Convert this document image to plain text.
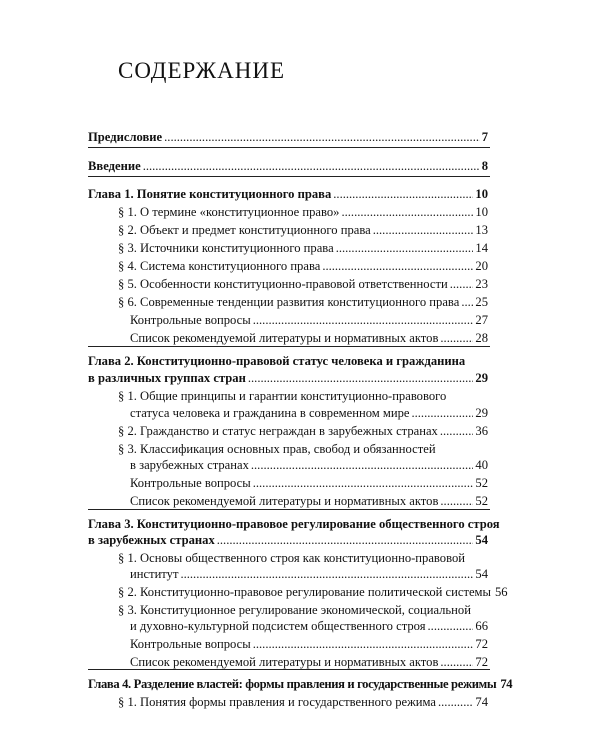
СОДЕРЖАНИЕ
Предисловие .....	7
Введение .....	8
Глава 1. Понятие конституционного права .....	10
§ 1. О термине «конституционное право» .....	10
§ 2. Объект и предмет конституционного права .....	13
§ 3. Источники конституционного права .....	14
§ 4. Система конституционного права .....	20
§ 5. Особенности конституционно-правовой ответственности ..... 23
§ 6. Современные тенденции развития конституционного права ..... 25
Контрольные вопросы .....	27
Список рекомендуемой литературы и нормативных актов .....	28
Глава 2. Конституционно-правовой статус человека и гражданина
в различных группах стран .....	29
§ 1. Общие принципы и гарантии конституционно-правового
статуса человека и гражданина в современном мире .....	29
§ 2. Гражданство и статус неграждан в зарубежных странах .....	36
§ 3. Классификация основных прав, свобод и обязанностей
в зарубежных странах .....	40
Контрольные вопросы .....	52
Список рекомендуемой литературы и нормативных актов .....	52
Глава 3. Конституционно-правовое регулирование общественного строя
в зарубежных странах .....	54
§ 1. Основы общественного строя как конституционно-правовой
институт .....	54
§ 2. Конституционно-правовое регулирование политической системы 56
§ 3. Конституционное регулирование экономической, социальной
и духовно-культурной подсистем общественного строя .....	66
Контрольные вопросы .....	72
Список рекомендуемой литературы и нормативных актов .....	72
Глава 4. Разделение властей: формы правления и государственные режимы 74
§ 1. Понятия формы правления и государственного режима .....	74
